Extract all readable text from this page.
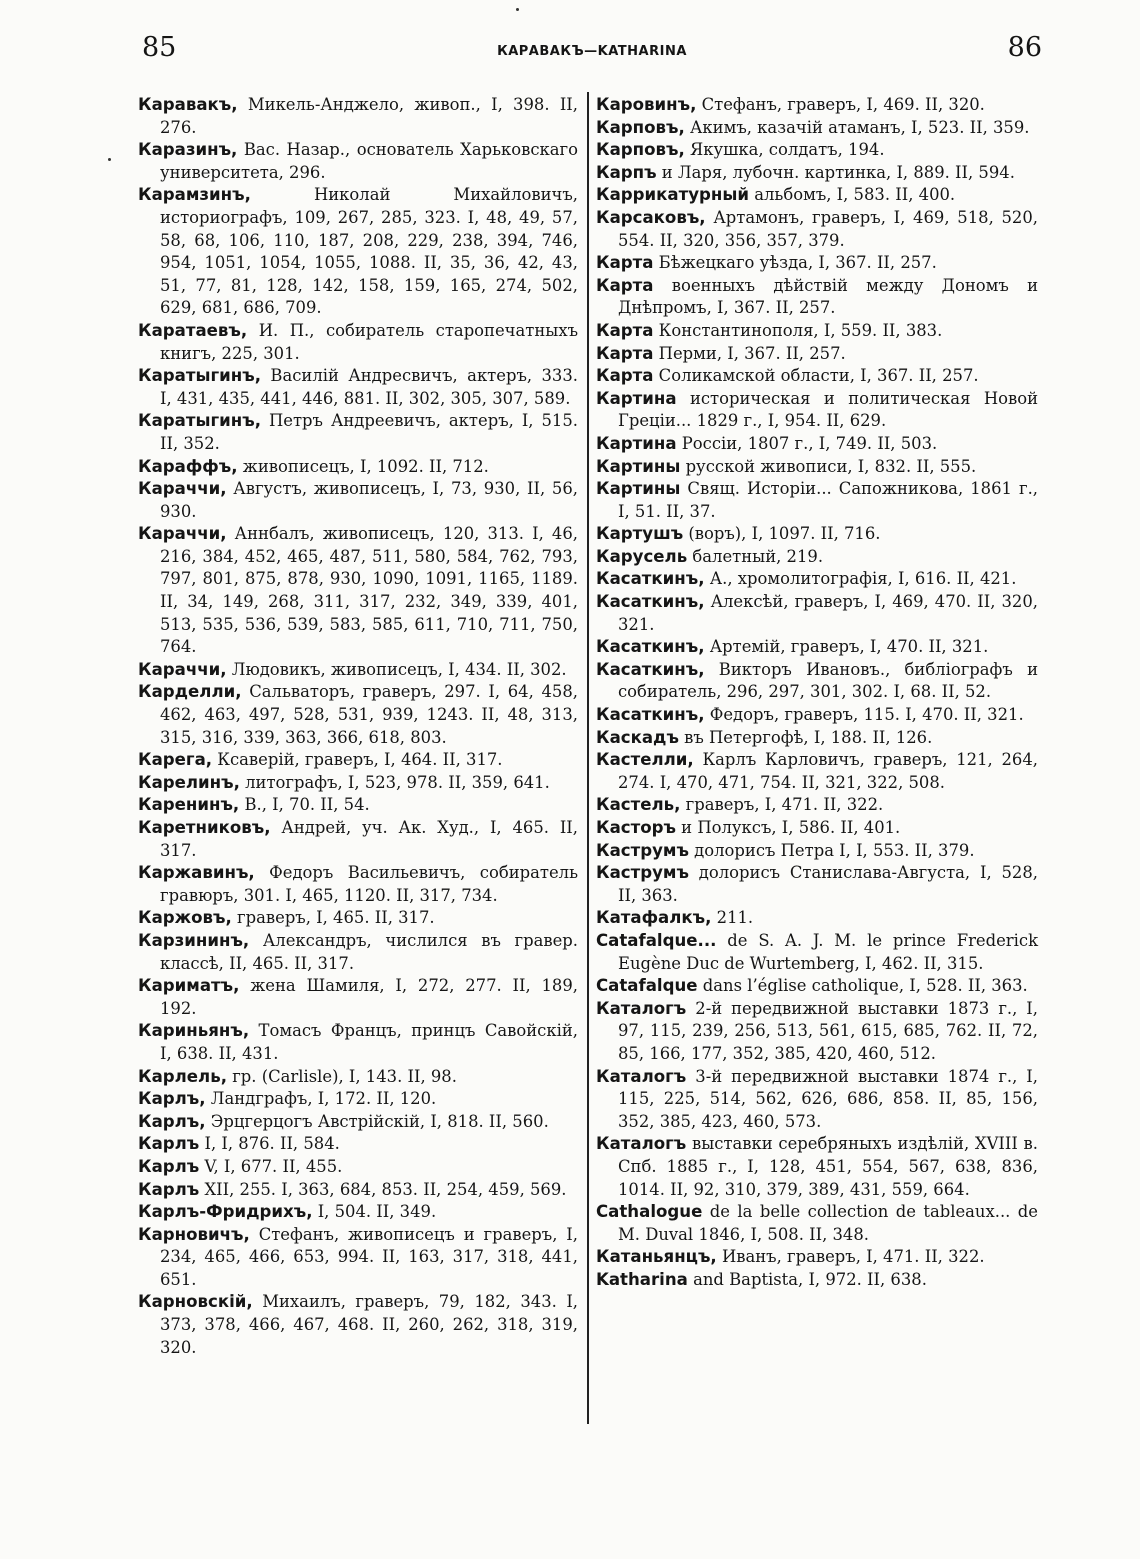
85	КАРАВАКЪ—KATHARINA	86
Каравакъ, Микель-Анджело, живоп., I, 398. II, 276.
Каразинъ, Вас. Назар., основатель Харьковскаго университета, 296.
Карамзинъ, Николай Михайловичъ, историографъ, 109, 267, 285, 323. I, 48, 49, 57, 58, 68, 106, 110, 187, 208, 229, 238, 394, 746, 954, 1051, 1054, 1055, 1088. II, 35, 36, 42, 43, 51, 77, 81, 128, 142, 158, 159, 165, 274, 502, 629, 681, 686, 709.
Каратаевъ, И. П., собиратель старопечатныхъ книгъ, 225, 301.
Каратыгинъ, Василій Андресвичъ, актеръ, 333. I, 431, 435, 441, 446, 881. II, 302, 305, 307, 589.
Каратыгинъ, Петръ Андреевичъ, актеръ, I, 515. II, 352.
Караффъ, живописецъ, I, 1092. II, 712.
Караччи, Августъ, живописецъ, I, 73, 930, II, 56, 930.
Караччи, Аннбалъ, живописецъ, 120, 313. I, 46, 216, 384, 452, 465, 487, 511, 580, 584, 762, 793, 797, 801, 875, 878, 930, 1090, 1091, 1165, 1189. II, 34, 149, 268, 311, 317, 232, 349, 339, 401, 513, 535, 536, 539, 583, 585, 611, 710, 711, 750, 764.
Караччи, Людовикъ, живописецъ, I, 434. II, 302.
Карделли, Сальваторъ, граверъ, 297. I, 64, 458, 462, 463, 497, 528, 531, 939, 1243. II, 48, 313, 315, 316, 339, 363, 366, 618, 803.
Карега, Ксаверій, граверъ, I, 464. II, 317.
Карелинъ, литографъ, I, 523, 978. II, 359, 641.
Каренинъ, В., I, 70. II, 54.
Каретниковъ, Андрей, уч. Ак. Худ., I, 465. II, 317.
Каржавинъ, Федоръ Васильевичъ, собиратель гравюръ, 301. I, 465, 1120. II, 317, 734.
Каржовъ, граверъ, I, 465. II, 317.
Карзининъ, Александръ, числился въ гравер. классѣ, II, 465. II, 317.
Кариматъ, жена Шамиля, I, 272, 277. II, 189, 192.
Кариньянъ, Томасъ Францъ, принцъ Савойскій, I, 638. II, 431.
Карлель, гр. (Carlisle), I, 143. II, 98.
Карлъ, Ландграфъ, I, 172. II, 120.
Карлъ, Эрцгерцогъ Австрійскій, I, 818. II, 560.
Карлъ I, I, 876. II, 584.
Карлъ V, I, 677. II, 455.
Карлъ XII, 255. I, 363, 684, 853. II, 254, 459, 569.
Карлъ-Фридрихъ, I, 504. II, 349.
Карновичъ, Стефанъ, живописецъ и граверъ, I, 234, 465, 466, 653, 994. II, 163, 317, 318, 441, 651.
Карновскій, Михаилъ, граверъ, 79, 182, 343. I, 373, 378, 466, 467, 468. II, 260, 262, 318, 319, 320.
Каровинъ, Стефанъ, граверъ, I, 469. II, 320.
Карповъ, Акимъ, казачій атаманъ, I, 523. II, 359.
Карповъ, Якушка, солдатъ, 194.
Карпъ и Ларя, лубочн. картинка, I, 889. II, 594.
Каррикатурный альбомъ, I, 583. II, 400.
Карсаковъ, Артамонъ, граверъ, I, 469, 518, 520, 554. II, 320, 356, 357, 379.
Карта Бѣжецкаго уѣзда, I, 367. II, 257.
Карта военныхъ дѣйствій между Дономъ и Днѣпромъ, I, 367. II, 257.
Карта Константинополя, I, 559. II, 383.
Карта Перми, I, 367. II, 257.
Карта Соликамской области, I, 367. II, 257.
Картина историческая и политическая Новой Греціи... 1829 г., I, 954. II, 629.
Картина Россіи, 1807 г., I, 749. II, 503.
Картины русской живописи, I, 832. II, 555.
Картины Свящ. Исторіи... Сапожникова, 1861 г., I, 51. II, 37.
Картушъ (воръ), I, 1097. II, 716.
Карусель балетный, 219.
Касаткинъ, А., хромолитографія, I, 616. II, 421.
Касаткинъ, Алексѣй, граверъ, I, 469, 470. II, 320, 321.
Касаткинъ, Артемій, граверъ, I, 470. II, 321.
Касаткинъ, Викторъ Ивановъ., библіографъ и собиратель, 296, 297, 301, 302. I, 68. II, 52.
Касаткинъ, Федоръ, граверъ, 115. I, 470. II, 321.
Каскадъ въ Петергофѣ, I, 188. II, 126.
Кастелли, Карлъ Карловичъ, граверъ, 121, 264, 274. I, 470, 471, 754. II, 321, 322, 508.
Кастель, граверъ, I, 471. II, 322.
Касторъ и Полуксъ, I, 586. II, 401.
Каструмъ долорисъ Петра I, I, 553. II, 379.
Каструмъ долорисъ Станислава-Августа, I, 528, II, 363.
Катафалкъ, 211.
Catafalque... de S. A. J. M. le prince Frederick Eugène Duc de Wurtemberg, I, 462. II, 315.
Catafalque dans l’église catholique, I, 528. II, 363.
Каталогъ 2-й передвижной выставки 1873 г., I, 97, 115, 239, 256, 513, 561, 615, 685, 762. II, 72, 85, 166, 177, 352, 385, 420, 460, 512.
Каталогъ 3-й передвижной выставки 1874 г., I, 115, 225, 514, 562, 626, 686, 858. II, 85, 156, 352, 385, 423, 460, 573.
Каталогъ выставки серебряныхъ издѣлій, XVIII в. Спб. 1885 г., I, 128, 451, 554, 567, 638, 836, 1014. II, 92, 310, 379, 389, 431, 559, 664.
Cathalogue de la belle collection de tableaux... de M. Duval 1846, I, 508. II, 348.
Катаньянцъ, Иванъ, граверъ, I, 471. II, 322.
Katharina and Baptista, I, 972. II, 638.
